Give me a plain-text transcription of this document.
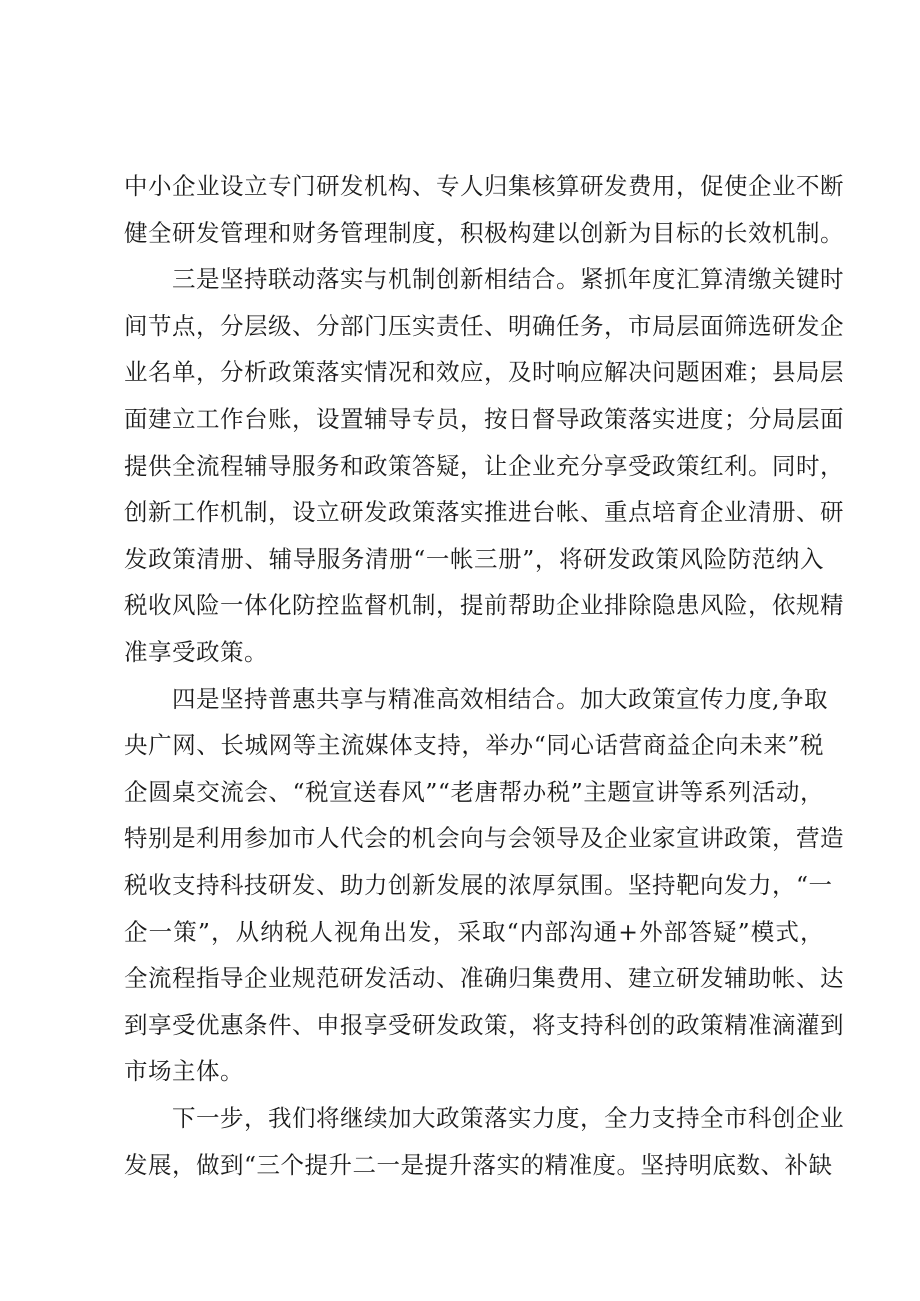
中小企业设立专门研发机构、专人归集核算研发费用，促使企业不断
健全研发管理和财务管理制度，积极构建以创新为目标的长效机制。
三是坚持联动落实与机制创新相结合。紧抓年度汇算清缴关键时
间节点，分层级、分部门压实责任、明确任务，市局层面筛选研发企
业名单，分析政策落实情况和效应，及时响应解决问题困难；县局层
面建立工作台账，设置辅导专员，按日督导政策落实进度；分局层面
提供全流程辅导服务和政策答疑，让企业充分享受政策红利。同时，
创新工作机制，设立研发政策落实推进台帐、重点培育企业清册、研
发政策清册、辅导服务清册“一帐三册”，将研发政策风险防范纳入
税收风险一体化防控监督机制，提前帮助企业排除隐患风险，依规精
准享受政策。
四是坚持普惠共享与精准高效相结合。加大政策宣传力度,争取
央广网、长城网等主流媒体支持，举办“同心话营商益企向未来”税
企圆桌交流会、“税宣送春风”“老唐帮办税”主题宣讲等系列活动，
特别是利用参加市人代会的机会向与会领导及企业家宣讲政策，营造
税收支持科技研发、助力创新发展的浓厚氛围。坚持靶向发力，“一
企一策”，从纳税人视角出发，采取“内部沟通+外部答疑”模式，
全流程指导企业规范研发活动、准确归集费用、建立研发辅助帐、达
到享受优惠条件、申报享受研发政策，将支持科创的政策精准滴灌到
市场主体。
下一步，我们将继续加大政策落实力度，全力支持全市科创企业
发展，做到“三个提升二一是提升落实的精准度。坚持明底数、补缺
